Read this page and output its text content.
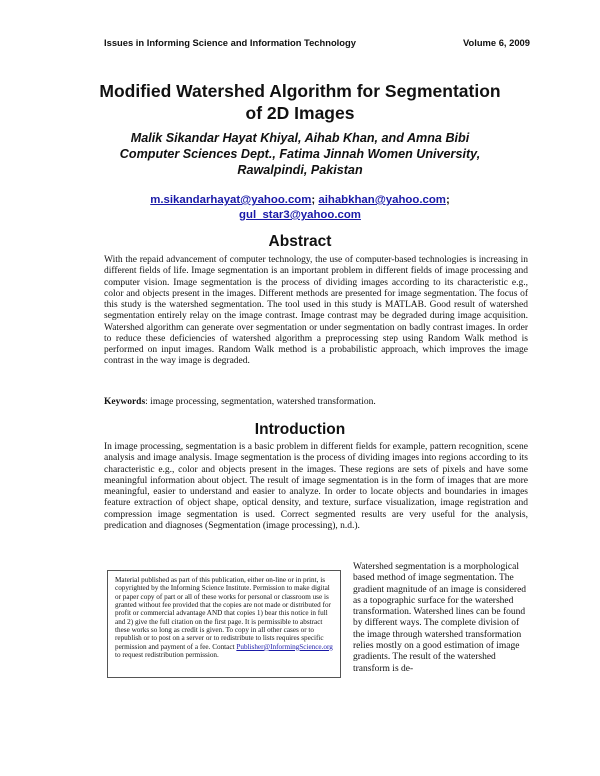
Issues in Informing Science and Information Technology	Volume 6, 2009
Modified Watershed Algorithm for Segmentation
of 2D Images
Malik Sikandar Hayat Khiyal, Aihab Khan, and Amna Bibi
Computer Sciences Dept., Fatima Jinnah Women University,
Rawalpindi, Pakistan
m.sikandarhayat@yahoo.com; aihabkhan@yahoo.com;
gul_star3@yahoo.com
Abstract
With the repaid advancement of computer technology, the use of computer-based technologies is increasing in different fields of life. Image segmentation is an important problem in different fields of image processing and computer vision. Image segmentation is the process of dividing images according to its characteristic e.g., color and objects present in the images. Different methods are presented for image segmentation. The focus of this study is the watershed segmentation. The tool used in this study is MATLAB. Good result of watershed segmentation entirely relay on the image contrast. Image contrast may be degraded during image acquisition. Watershed algorithm can generate over segmentation or under segmentation on badly contrast images. In order to reduce these deficiencies of watershed algorithm a preprocessing step using Random Walk method is performed on input images. Random Walk method is a probabilistic approach, which improves the image contrast in the way image is degraded.
Keywords: image processing, segmentation, watershed transformation.
Introduction
In image processing, segmentation is a basic problem in different fields for example, pattern recognition, scene analysis and image analysis. Image segmentation is the process of dividing images into regions according to its characteristic e.g., color and objects present in the images. These regions are sets of pixels and have some meaningful information about object. The result of image segmentation is in the form of images that are more meaningful, easier to understand and easier to analyze. In order to locate objects and boundaries in images feature extraction of object shape, optical density, and texture, surface visualization, image registration and compression image segmentation is used. Correct segmented results are very useful for the analysis, predication and diagnoses (Segmentation (image processing), n.d.).
Material published as part of this publication, either on-line or in print, is copyrighted by the Informing Science Institute. Permission to make digital or paper copy of part or all of these works for personal or classroom use is granted without fee provided that the copies are not made or distributed for profit or commercial advantage AND that copies 1) bear this notice in full and 2) give the full citation on the first page. It is permissible to abstract these works so long as credit is given. To copy in all other cases or to republish or to post on a server or to redistribute to lists requires specific permission and payment of a fee. Contact Publisher@InformingScience.org to request redistribution permission.
Watershed segmentation is a morphological based method of image segmentation. The gradient magnitude of an image is considered as a topographic surface for the watershed transformation. Watershed lines can be found by different ways. The complete division of the image through watershed transformation relies mostly on a good estimation of image gradients. The result of the watershed transform is de-
